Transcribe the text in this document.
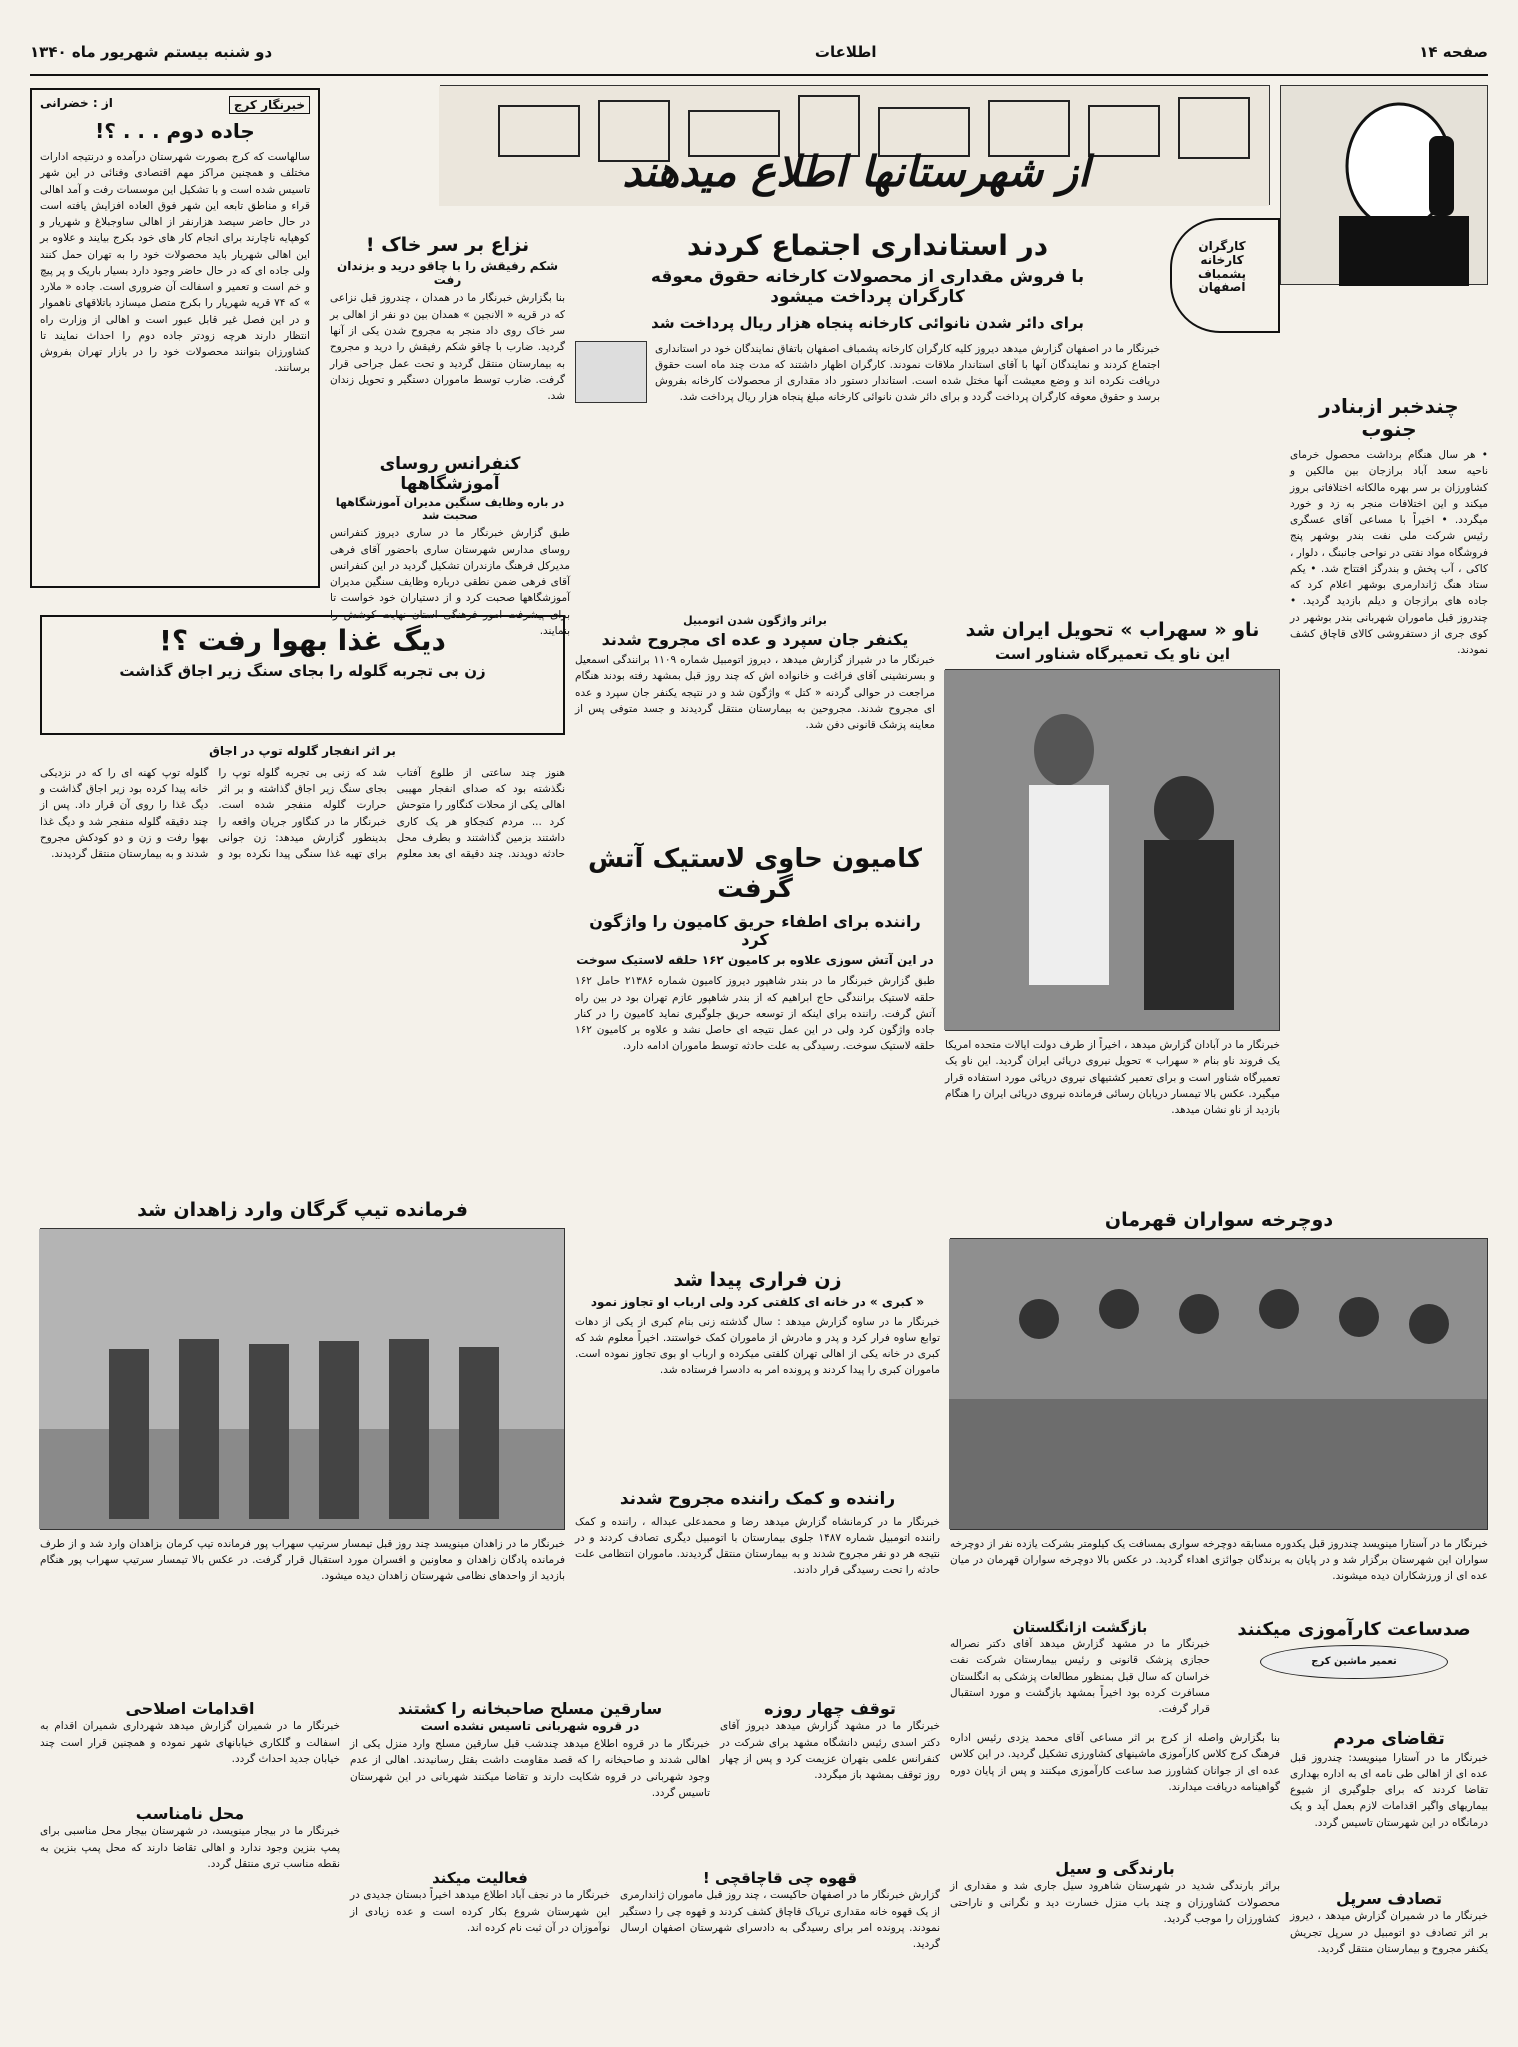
صفحه ۱۴
اطلاعات
دو شنبه بیستم شهریور ماه ۱۳۴۰
از شهرستانها اطلاع میدهند
کارگران کارخانه پشمباف اصفهان
خبرنگار کرج
از : خضرانی
جاده دوم . . . ؟!
سالهاست که کرج بصورت شهرستان درآمده و درنتیجه ادارات مختلف و همچنین مراکز مهم اقتصادی وفنائی در این شهر تاسیس شده است و با تشکیل این موسسات رفت و آمد اهالی قراء و مناطق تابعه این شهر فوق العاده افزایش یافته است در حال حاضر سیصد هزارنفر از اهالی ساوجبلاغ و شهریار و کوهپایه ناچارند برای انجام کار های خود بکرج بیایند و علاوه بر این اهالی شهریار باید محصولات خود را به تهران حمل کنند ولی جاده ای که در حال حاضر وجود دارد بسیار باریک و پر پیچ و خم است و تعمیر و اسفالت آن ضروری است. جاده « ملارد » که ۷۴ قریه شهریار را بکرج متصل میسازد باتلاقهای ناهموار و در این فصل غیر قابل عبور است و اهالی از وزارت راه انتظار دارند هرچه زودتر جاده دوم را احداث نمایند تا کشاورزان بتوانند محصولات خود را در بازار تهران بفروش برسانند.
نزاع بر سر خاک !
شکم رفیقش را با چاقو درید و بزندان رفت
بنا بگزارش خبرنگار ما در همدان ، چندروز قبل نزاعی که در قریه « الانجین » همدان بین دو نفر از اهالی بر سر خاک روی داد منجر به مجروح شدن یکی از آنها گردید. ضارب با چاقو شکم رفیقش را درید و مجروح به بیمارستان منتقل گردید و تحت عمل جراحی قرار گرفت. ضارب توسط ماموران دستگیر و تحویل زندان شد.
در استانداری اجتماع کردند
با فروش مقداری از محصولات کارخانه حقوق معوقه کارگران پرداخت میشود
برای دائر شدن نانوائی کارخانه پنجاه هزار ریال پرداخت شد
خبرنگار ما در اصفهان گزارش میدهد دیروز کلیه کارگران کارخانه پشمباف اصفهان باتفاق نمایندگان خود در استانداری اجتماع کردند و نمایندگان آنها با آقای استاندار ملاقات نمودند. کارگران اظهار داشتند که مدت چند ماه است حقوق دریافت نکرده اند و وضع معیشت آنها مختل شده است. استاندار دستور داد مقداری از محصولات کارخانه بفروش برسد و حقوق معوقه کارگران پرداخت گردد و برای دائر شدن نانوائی کارخانه مبلغ پنجاه هزار ریال پرداخت شد.	چندخبر ازبنادر جنوب
• هر سال هنگام برداشت محصول خرمای ناحیه سعد آباد برازجان بین مالکین و کشاورزان بر سر بهره مالکانه اختلافاتی بروز میکند و این اختلافات منجر به زد و خورد میگردد. • اخیراً با مساعی آقای عسگری رئیس شرکت ملی نفت بندر بوشهر پنج فروشگاه مواد نفتی در نواحی جانبنگ ، دلوار ، کاکی ، آب پخش و بندرگز افتتاح شد. • یکم ستاد هنگ ژاندارمری بوشهر اعلام کرد که جاده های برازجان و دیلم بازدید گردید. • چندروز قبل ماموران شهربانی بندر بوشهر در کوی جری از دستفروشی کالای قاچاق کشف نمودند.
کنفرانس روسای آموزشگاهها
در باره وظایف سنگین مدیران آموزشگاهها صحبت شد
طبق گزارش خبرنگار ما در ساری دیروز کنفرانس روسای مدارس شهرستان ساری باحضور آقای فرهی مدیرکل فرهنگ مازندران تشکیل گردید در این کنفرانس آقای فرهی ضمن نطقی درباره وظایف سنگین مدیران آموزشگاهها صحبت کرد و از دستیاران خود خواست تا برای پیشرفت امور فرهنگی استان نهایت کوشش را بنمایند.
دیگ غذا بهوا رفت ؟!
زن بی تجربه گلوله را بجای سنگ زیر اجاق گذاشت
بر اثر انفجار گلوله توپ در اجاق
هنوز چند ساعتی از طلوع آفتاب نگذشته بود که صدای انفجار مهیبی اهالی یکی از محلات کنگاور را متوحش کرد ... مردم کنجکاو هر یک کاری داشتند بزمین گذاشتند و بطرف محل حادثه دویدند. چند دقیقه ای بعد معلوم شد که زنی بی تجربه گلوله توپ را بجای سنگ زیر اجاق گذاشته و بر اثر حرارت گلوله منفجر شده است. خبرنگار ما در کنگاور جریان واقعه را بدینطور گزارش میدهد: زن جوانی برای تهیه غذا سنگی پیدا نکرده بود و گلوله توپ کهنه ای را که در نزدیکی خانه پیدا کرده بود زیر اجاق گذاشت و دیگ غذا را روی آن قرار داد. پس از چند دقیقه گلوله منفجر شد و دیگ غذا بهوا رفت و زن و دو کودکش مجروح شدند و به بیمارستان منتقل گردیدند.
براثر واژگون شدن اتومبیل
یکنفر جان سپرد و عده ای مجروح شدند
خبرنگار ما در شیراز گزارش میدهد ، دیروز اتومبیل شماره ۱۱۰۹ برانندگی اسمعیل و بسرنشینی آقای فراغت و خانواده اش که چند روز قبل بمشهد رفته بودند هنگام مراجعت در حوالی گردنه « کتل » واژگون شد و در نتیجه یکنفر جان سپرد و عده ای مجروح شدند. مجروحین به بیمارستان منتقل گردیدند و جسد متوفی پس از معاینه پزشک قانونی دفن شد.
ناو « سهراب » تحویل ایران شد
این ناو یک تعمیرگاه شناور است
خبرنگار ما در آبادان گزارش میدهد ، اخیراً از طرف دولت ایالات متحده امریکا یک فروند ناو بنام « سهراب » تحویل نیروی دریائی ایران گردید. این ناو یک تعمیرگاه شناور است و برای تعمیر کشتیهای نیروی دریائی مورد استفاده قرار میگیرد. عکس بالا تیمسار دریابان رسائی فرمانده نیروی دریائی ایران را هنگام بازدید از ناو نشان میدهد.
کامیون حاوی لاستیک آتش گرفت
راننده برای اطفاء حریق کامیون را واژگون کرد
در این آتش سوزی علاوه بر کامیون ۱۶۲ حلقه لاستیک سوخت
طبق گزارش خبرنگار ما در بندر شاهپور دیروز کامیون شماره ۲۱۳۸۶ حامل ۱۶۲ حلقه لاستیک برانندگی حاج ابراهیم که از بندر شاهپور عازم تهران بود در بین راه آتش گرفت. راننده برای اینکه از توسعه حریق جلوگیری نماید کامیون را در کنار جاده واژگون کرد ولی در این عمل نتیجه ای حاصل نشد و علاوه بر کامیون ۱۶۲ حلقه لاستیک سوخت. رسیدگی به علت حادثه توسط ماموران ادامه دارد.
فرمانده تیپ گرگان وارد زاهدان شد
خبرنگار ما در زاهدان مینویسد چند روز قبل تیمسار سرتیپ سهراب پور فرمانده تیپ کرمان بزاهدان وارد شد و از طرف فرمانده پادگان زاهدان و معاونین و افسران مورد استقبال قرار گرفت. در عکس بالا تیمسار سرتیپ سهراب پور هنگام بازدید از واحدهای نظامی شهرستان زاهدان دیده میشود.
زن فراری پیدا شد
« کبری » در خانه ای کلفتی کرد ولی ارباب او تجاوز نمود
خبرنگار ما در ساوه گزارش میدهد : سال گذشته زنی بنام کبری از یکی از دهات توابع ساوه فرار کرد و پدر و مادرش از ماموران کمک خواستند. اخیراً معلوم شد که کبری در خانه یکی از اهالی تهران کلفتی میکرده و ارباب او بوی تجاوز نموده است. ماموران کبری را پیدا کردند و پرونده امر به دادسرا فرستاده شد.
دوچرخه سواران قهرمان
خبرنگار ما در آستارا مینویسد چندروز قبل یکدوره مسابقه دوچرخه سواری بمسافت یک کیلومتر بشرکت یازده نفر از دوچرخه سواران این شهرستان برگزار شد و در پایان به برندگان جوائزی اهداء گردید. در عکس بالا دوچرخه سواران قهرمان در میان عده ای از ورزشکاران دیده میشوند.
راننده و کمک راننده مجروح شدند
خبرنگار ما در کرمانشاه گزارش میدهد رضا و محمدعلی عبداله ، راننده و کمک راننده اتومبیل شماره ۱۴۸۷ جلوی بیمارستان با اتومبیل دیگری تصادف کردند و در نتیجه هر دو نفر مجروح شدند و به بیمارستان منتقل گردیدند. ماموران انتظامی علت حادثه را تحت رسیدگی قرار دادند.
بازگشت ازانگلستان
خبرنگار ما در مشهد گزارش میدهد آقای دکتر نصراله حجازی پزشک قانونی و رئیس بیمارستان شرکت نفت خراسان که سال قبل بمنظور مطالعات پزشکی به انگلستان مسافرت کرده بود اخیراً بمشهد بازگشت و مورد استقبال قرار گرفت.
صدساعت کارآموزی میکنند
تعمیر ماشین کرج
تقاضای مردم
خبرنگار ما در آستارا مینویسد: چندروز قبل عده ای از اهالی طی نامه ای به اداره بهداری تقاضا کردند که برای جلوگیری از شیوع بیماریهای واگیر اقدامات لازم بعمل آید و یک درمانگاه در این شهرستان تاسیس گردد.
بنا بگزارش واصله از کرج بر اثر مساعی آقای محمد یزدی رئیس اداره فرهنگ کرج کلاس کارآموزی ماشینهای کشاورزی تشکیل گردید. در این کلاس عده ای از جوانان کشاورز صد ساعت کارآموزی میکنند و پس از پایان دوره گواهینامه دریافت میدارند.
توقف چهار روزه
خبرنگار ما در مشهد گزارش میدهد دیروز آقای دکتر اسدی رئیس دانشگاه مشهد برای شرکت در کنفرانس علمی بتهران عزیمت کرد و پس از چهار روز توقف بمشهد باز میگردد.
سارقین مسلح صاحبخانه را کشتند
در قروه شهربانی تاسیس نشده است
خبرنگار ما در قروه اطلاع میدهد چندشب قبل سارقین مسلح وارد منزل یکی از اهالی شدند و صاحبخانه را که قصد مقاومت داشت بقتل رسانیدند. اهالی از عدم وجود شهربانی در قروه شکایت دارند و تقاضا میکنند شهربانی در این شهرستان تاسیس گردد.
اقدامات اصلاحی
خبرنگار ما در شمیران گزارش میدهد شهرداری شمیران اقدام به اسفالت و گلکاری خیابانهای شهر نموده و همچنین قرار است چند خیابان جدید احداث گردد.
محل نامناسب
خبرنگار ما در بیجار مینویسد، در شهرستان بیجار محل مناسبی برای پمپ بنزین وجود ندارد و اهالی تقاضا دارند که محل پمپ بنزین به نقطه مناسب تری منتقل گردد.
فعالیت میکند
خبرنگار ما در نجف آباد اطلاع میدهد اخیراً دبستان جدیدی در این شهرستان شروع بکار کرده است و عده زیادی از نوآموزان در آن ثبت نام کرده اند.
قهوه چی قاچاقچی !
گزارش خبرنگار ما در اصفهان حاکیست ، چند روز قبل ماموران ژاندارمری از یک قهوه خانه مقداری تریاک قاچاق کشف کردند و قهوه چی را دستگیر نمودند. پرونده امر برای رسیدگی به دادسرای شهرستان اصفهان ارسال گردید.
بارندگی و سیل
براثر بارندگی شدید در شهرستان شاهرود سیل جاری شد و مقداری از محصولات کشاورزان و چند باب منزل خسارت دید و نگرانی و ناراحتی کشاورزان را موجب گردید.
تصادف سرپل
خبرنگار ما در شمیران گزارش میدهد ، دیروز بر اثر تصادف دو اتومبیل در سرپل تجریش یکنفر مجروح و بیمارستان منتقل گردید.
